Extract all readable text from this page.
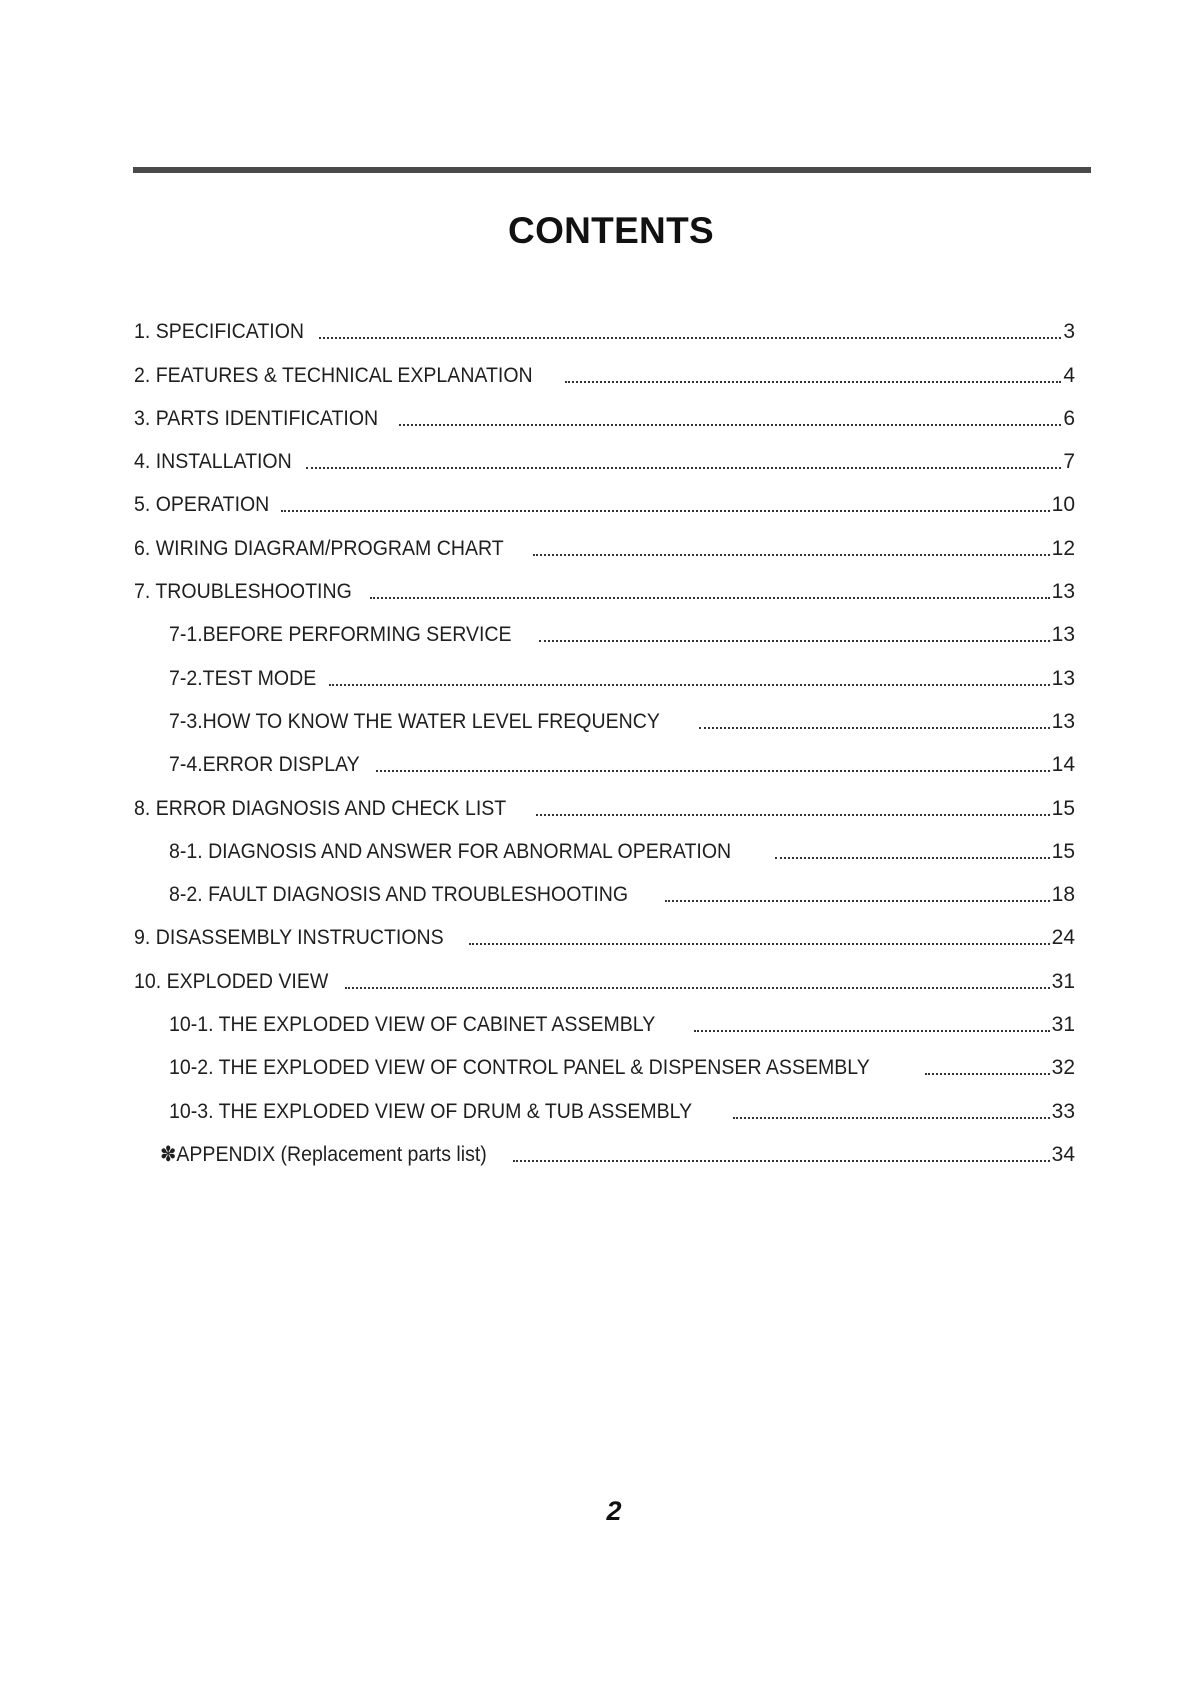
CONTENTS
1. SPECIFICATION	3
2. FEATURES & TECHNICAL EXPLANATION	4
3. PARTS IDENTIFICATION	6
4. INSTALLATION	7
5. OPERATION	10
6. WIRING DIAGRAM/PROGRAM CHART	12
7. TROUBLESHOOTING	13
7-1.BEFORE PERFORMING SERVICE	13
7-2.TEST MODE	13
7-3.HOW TO KNOW THE WATER LEVEL FREQUENCY	13
7-4.ERROR DISPLAY	14
8. ERROR DIAGNOSIS AND CHECK LIST	15
8-1. DIAGNOSIS AND ANSWER FOR ABNORMAL OPERATION	15
8-2. FAULT DIAGNOSIS AND TROUBLESHOOTING	18
9. DISASSEMBLY INSTRUCTIONS	24
10. EXPLODED VIEW	31
10-1. THE EXPLODED VIEW OF CABINET ASSEMBLY	31
10-2. THE EXPLODED VIEW OF CONTROL PANEL & DISPENSER ASSEMBLY	32
10-3. THE EXPLODED VIEW OF DRUM & TUB ASSEMBLY	33
✽APPENDIX (Replacement parts list)	34
2
